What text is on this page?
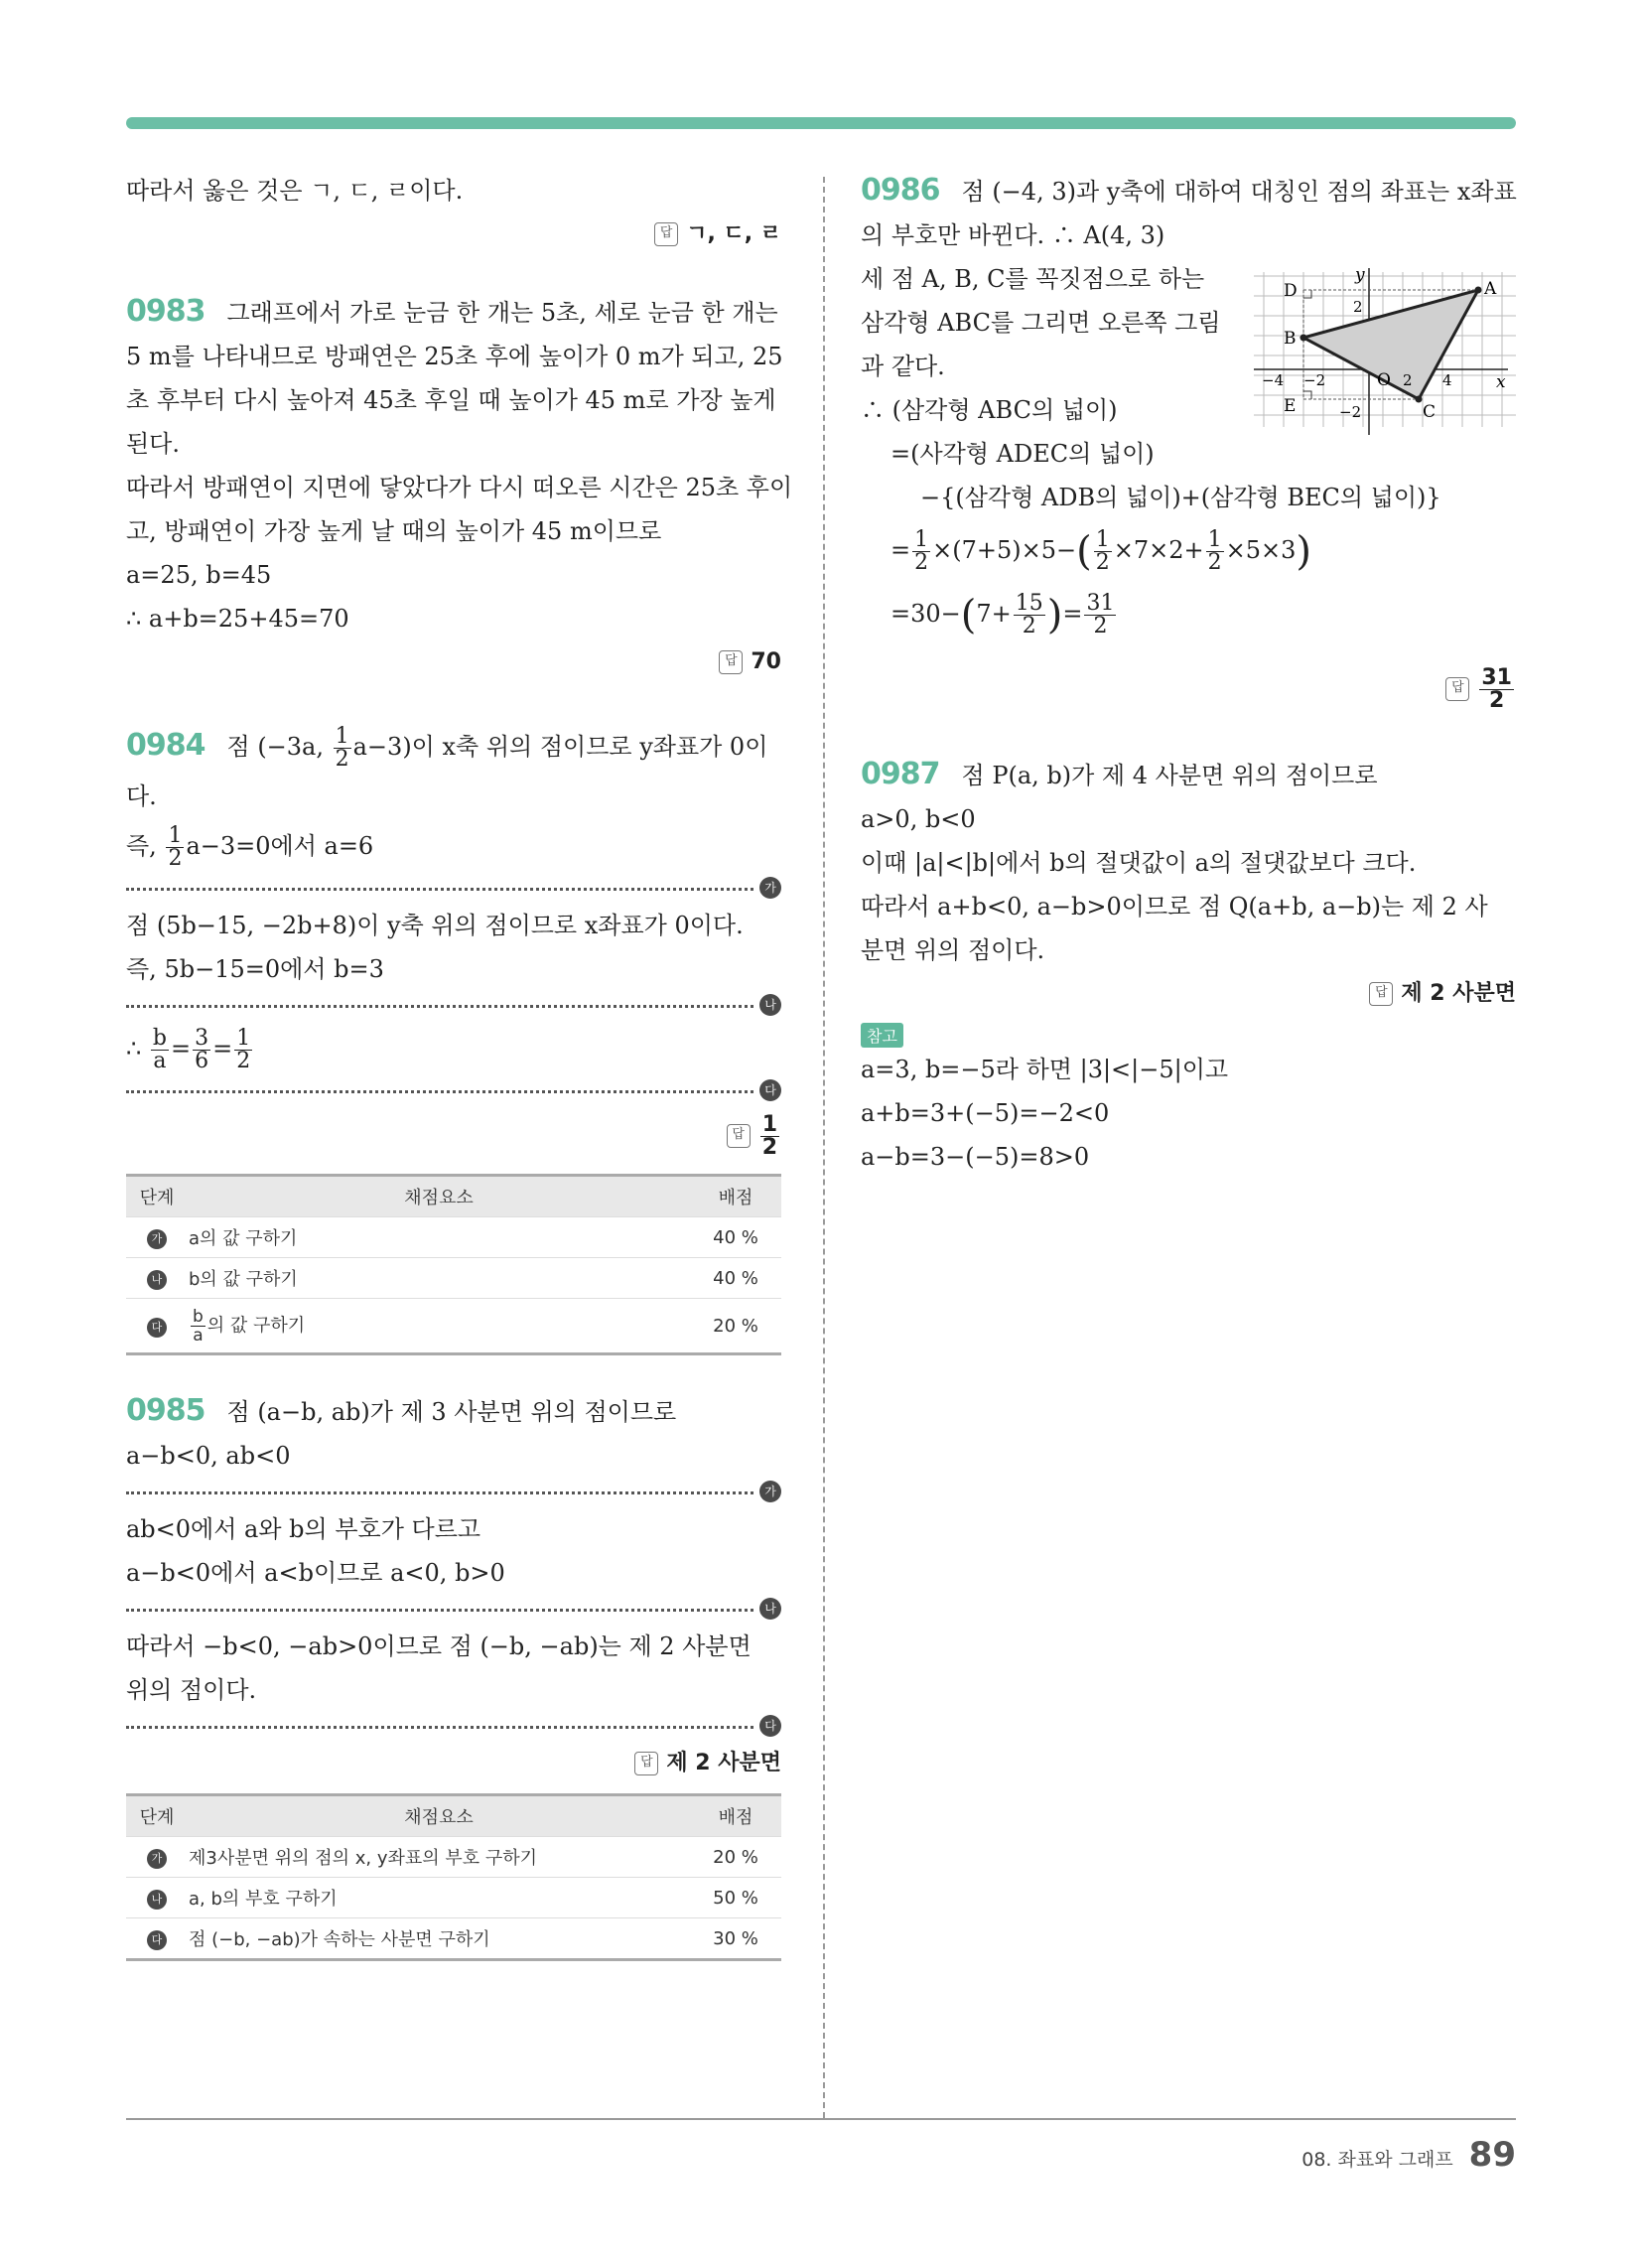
따라서 옳은 것은 ㄱ, ㄷ, ㄹ이다.
답 ㄱ, ㄷ, ㄹ
0983 그래프에서 가로 눈금 한 개는 5초, 세로 눈금 한 개는
5 m를 나타내므로 방패연은 25초 후에 높이가 0 m가 되고, 25
초 후부터 다시 높아져 45초 후일 때 높이가 45 m로 가장 높게
된다.
따라서 방패연이 지면에 닿았다가 다시 떠오른 시간은 25초 후이
고, 방패연이 가장 높게 날 때의 높이가 45 m이므로
a=25, b=45
∴ a+b=25+45=70
답 70
0984 점 (−3a, $\frac{1}{2} a-3$)이 x축 위의 점이므로 y좌표가 0이
다.
즉, $\frac{1}{2} a-3=0$에서 a=6
가
점 (5b−15, −2b+8)이 y축 위의 점이므로 x좌표가 0이다.
즉, 5b−15=0에서 b=3
나
∴ $\frac{b}{a} = \frac{3}{6} = \frac{1}{2}$
다
답 $\frac{1}{2}$
단계	채점요소	배점
가	a의 값 구하기	40 %
나	b의 값 구하기	40 %
다	$\frac{b}{a}$ 의 값 구하기	20 %
0985 점 (a−b, ab)가 제 3 사분면 위의 점이므로
a−b<0, ab<0
가
ab<0에서 a와 b의 부호가 다르고
a−b<0에서 a<b이므로 a<0, b>0
나
따라서 −b<0, −ab>0이므로 점 (−b, −ab)는 제 2 사분면
위의 점이다.
다
답 제 2 사분면
단계	채점요소	배점
가	제3사분면 위의 점의 x, y좌표의 부호 구하기	20 %
나	a, b의 부호 구하기	50 %
다	점 (−b, −ab)가 속하는 사분면 구하기	30 %
0986 점 (−4, 3)과 y축에 대하여 대칭인 점의 좌표는 x좌표
의 부호만 바뀐다. ∴ A(4, 3)
세 점 A, B, C를 꼭짓점으로 하는
삼각형 ABC를 그리면 오른쪽 그림
과 같다.
∴ (삼각형 ABC의 넓이)
=(사각형 ADEC의 넓이)
−{(삼각형 ADB의 넓이)+(삼각형 BEC의 넓이)}
= $\frac{1}{2} \times(7+5)\times 5-( \frac{1}{2} \times 7\times 2+ \frac{1}{2} \times 5\times 3)$
$=30-(7+ \frac{15}{2}$ )= $\frac{31}{2}$
답 $\frac{31}{2}$
A
B
C
D
E
O	x
y
−4 −2	2 4
2
−2
0987 점 P(a, b)가 제 4 사분면 위의 점이므로
a>0, b<0
이때 |a|<|b|에서 b의 절댓값이 a의 절댓값보다 크다.
따라서 a+b<0, a−b>0이므로 점 Q(a+b, a−b)는 제 2 사
분면 위의 점이다.
답 제 2 사분면
참고
a=3, b=−5라 하면 |3|<|−5|이고
a+b=3+(−5)=−2<0
a−b=3−(−5)=8>0
08. 좌표와 그래프 89
